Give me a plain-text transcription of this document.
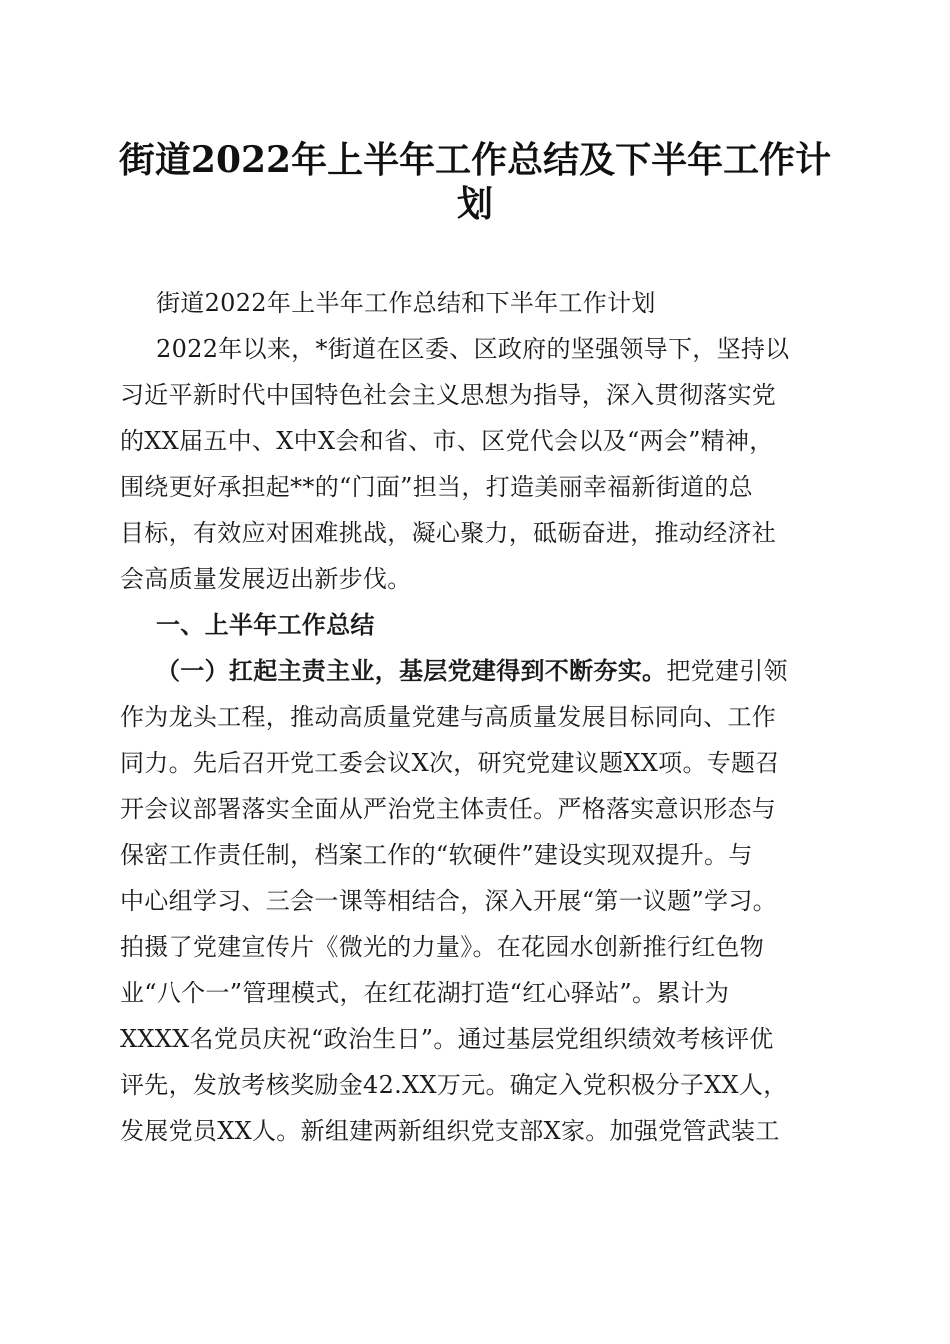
街道2022年上半年工作总结及下半年工作计划
街道2022年上半年工作总结和下半年工作计划
2022年以来，*街道在区委、区政府的坚强领导下，坚持以
习近平新时代中国特色社会主义思想为指导，深入贯彻落实党
的XX届五中、X中X会和省、市、区党代会以及“两会”精神，
围绕更好承担起**的“门面”担当，打造美丽幸福新街道的总
目标，有效应对困难挑战，凝心聚力，砥砺奋进，推动经济社
会高质量发展迈出新步伐。
一、上半年工作总结
（一）扛起主责主业，基层党建得到不断夯实。把党建引领
作为龙头工程，推动高质量党建与高质量发展目标同向、工作
同力。先后召开党工委会议X次，研究党建议题XX项。专题召
开会议部署落实全面从严治党主体责任。严格落实意识形态与
保密工作责任制，档案工作的“软硬件”建设实现双提升。与
中心组学习、三会一课等相结合，深入开展“第一议题”学习。
拍摄了党建宣传片《微光的力量》。在花园水创新推行红色物
业“八个一”管理模式，在红花湖打造“红心驿站”。累计为
XXXX名党员庆祝“政治生日”。通过基层党组织绩效考核评优
评先，发放考核奖励金42.XX万元。确定入党积极分子XX人，
发展党员XX人。新组建两新组织党支部X家。加强党管武装工
